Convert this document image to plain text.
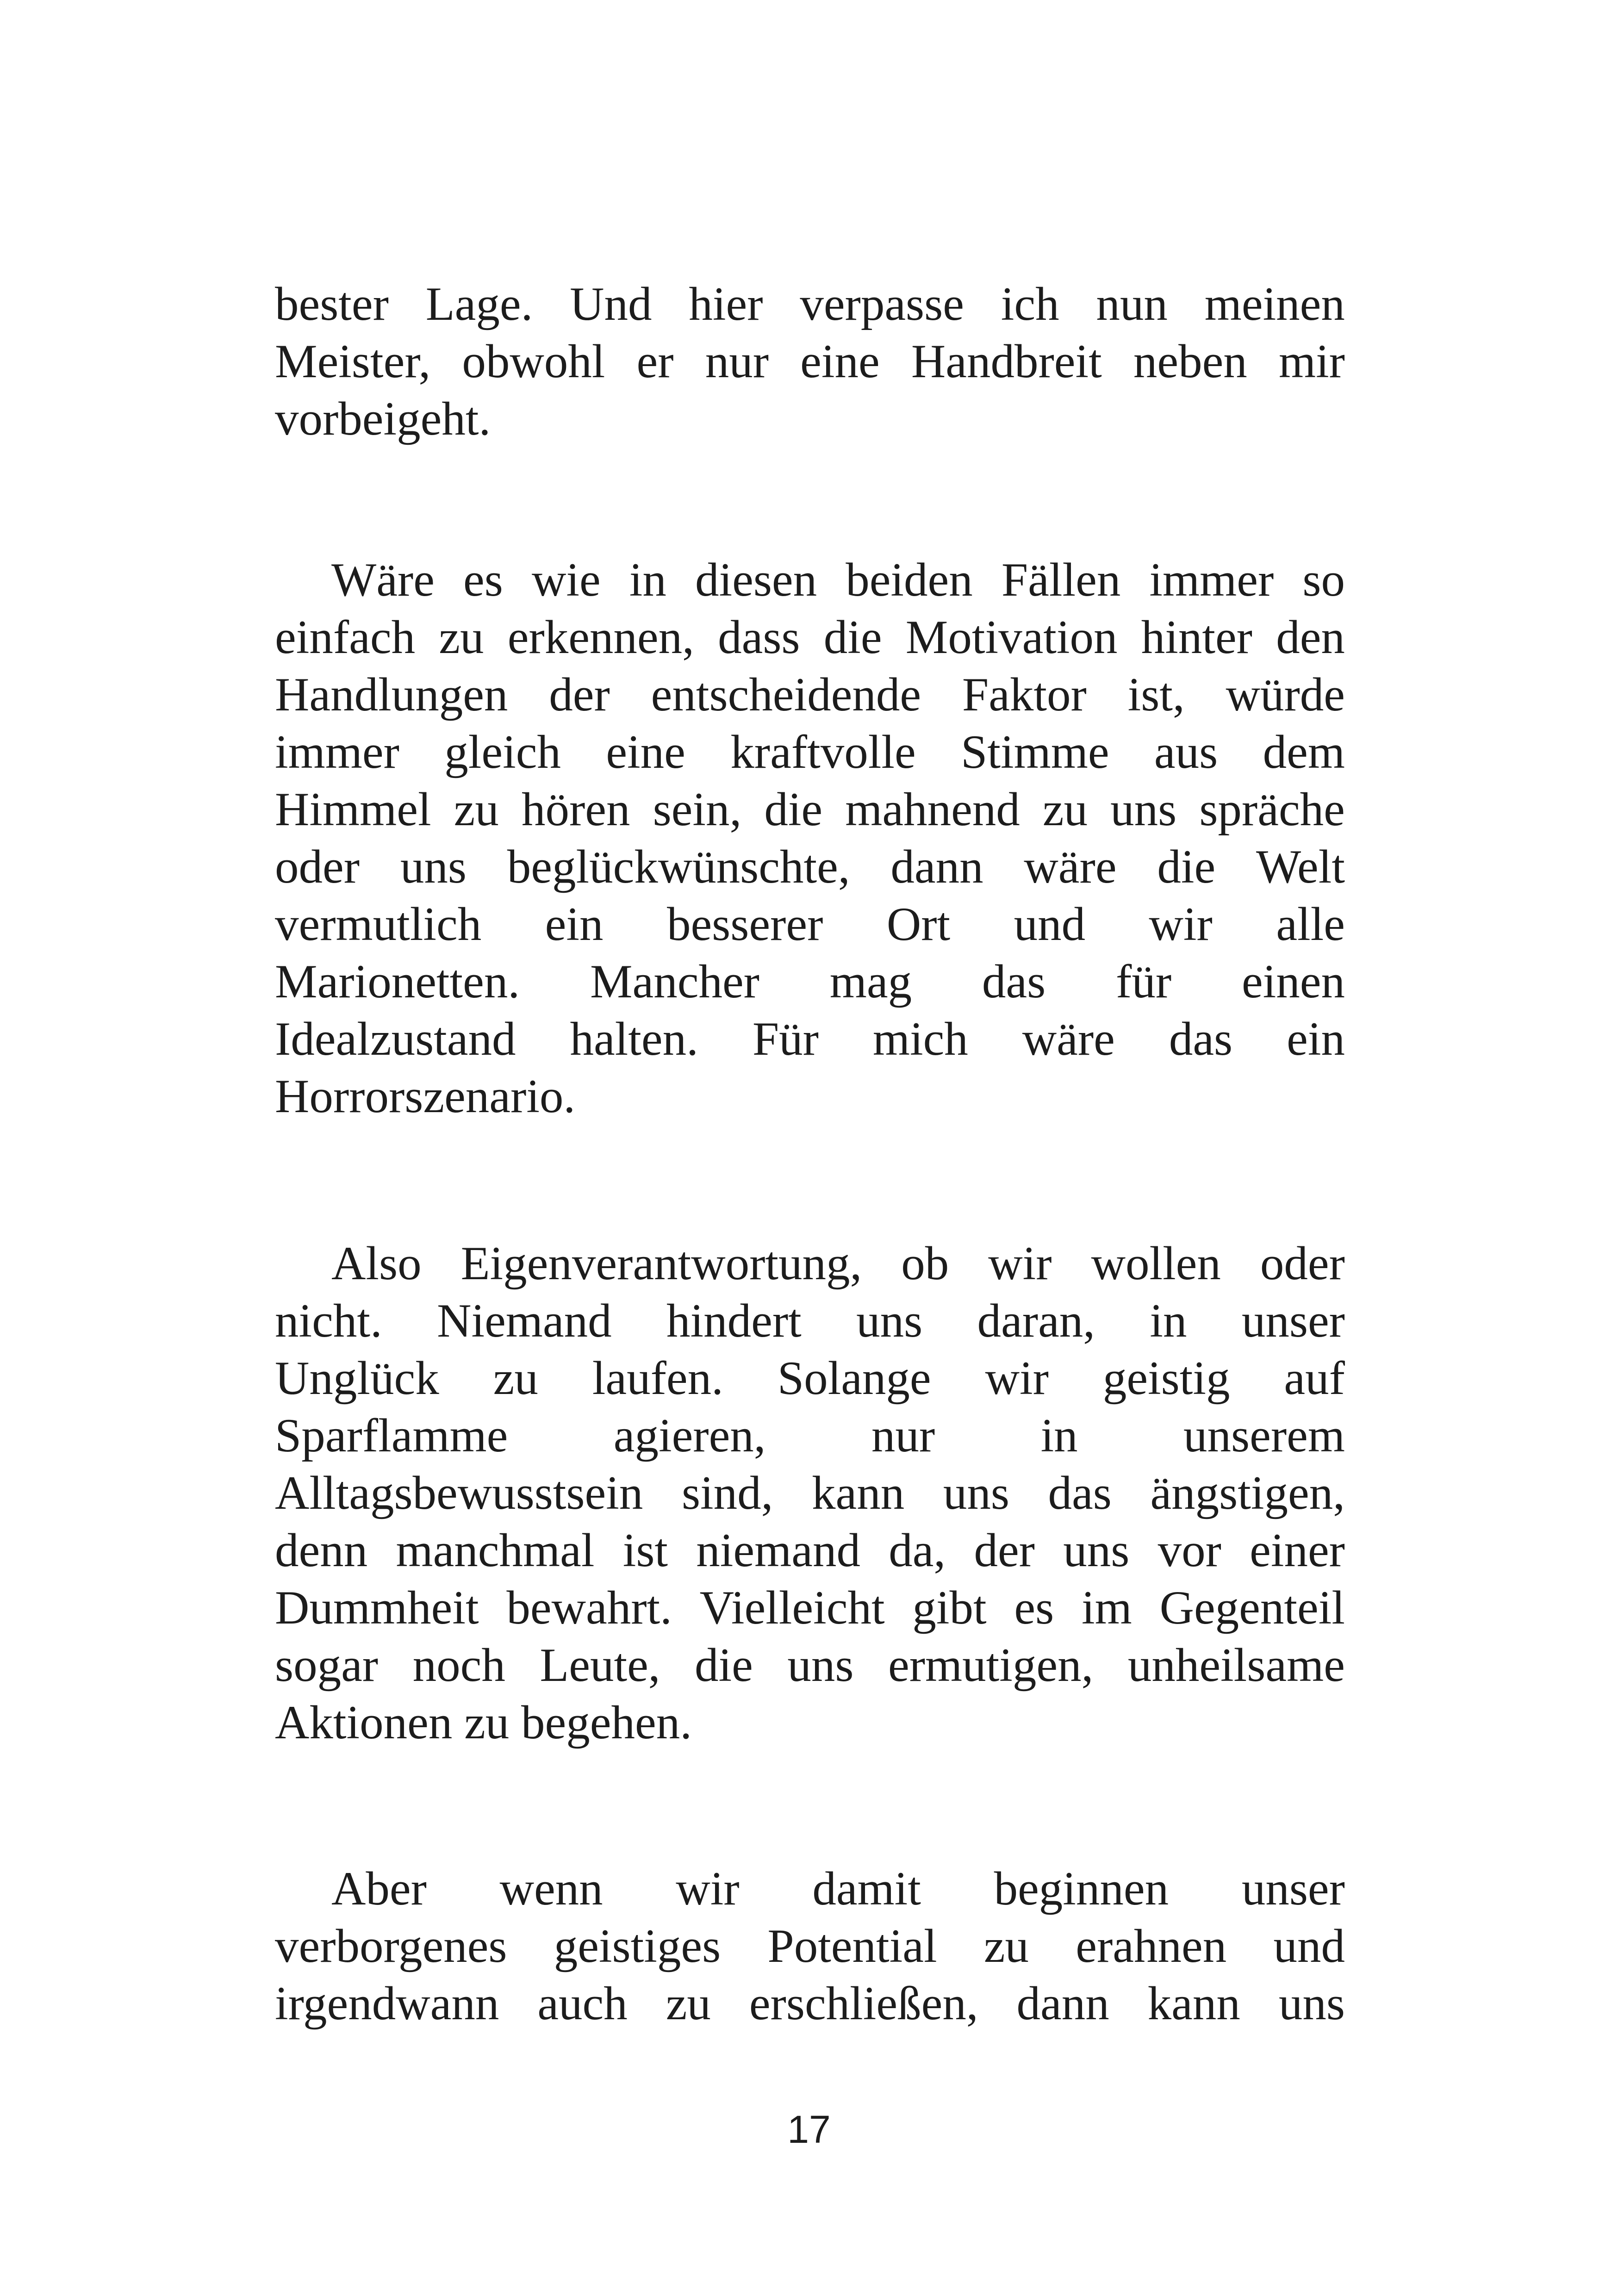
bester Lage. Und hier verpasse ich nun meinen
Meister, obwohl er nur eine Handbreit neben mir
vorbeigeht.
Wäre es wie in diesen beiden Fällen immer so
einfach zu erkennen, dass die Motivation hinter den
Handlungen der entscheidende Faktor ist, würde
immer gleich eine kraftvolle Stimme aus dem
Himmel zu hören sein, die mahnend zu uns spräche
oder uns beglückwünschte, dann wäre die Welt
vermutlich ein besserer Ort und wir alle
Marionetten. Mancher mag das für einen
Idealzustand halten. Für mich wäre das ein
Horrorszenario.
Also Eigenverantwortung, ob wir wollen oder
nicht. Niemand hindert uns daran, in unser
Unglück zu laufen. Solange wir geistig auf
Sparflamme agieren, nur in unserem
Alltagsbewusstsein sind, kann uns das ängstigen,
denn manchmal ist niemand da, der uns vor einer
Dummheit bewahrt. Vielleicht gibt es im Gegenteil
sogar noch Leute, die uns ermutigen, unheilsame
Aktionen zu begehen.
Aber wenn wir damit beginnen unser
verborgenes geistiges Potential zu erahnen und
irgendwann auch zu erschließen, dann kann uns
17
